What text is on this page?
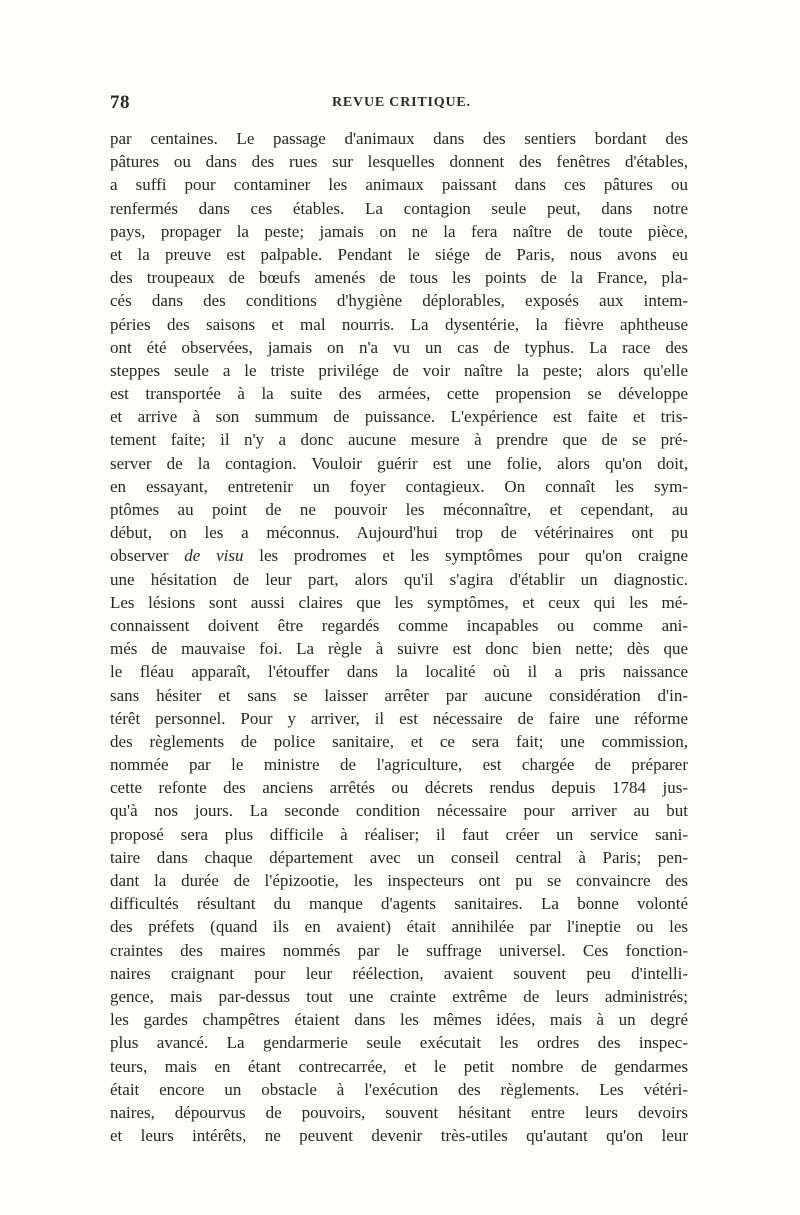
78	REVUE CRITIQUE.
par centaines. Le passage d'animaux dans des sentiers bordant des
pâtures ou dans des rues sur lesquelles donnent des fenêtres d'étables,
a suffi pour contaminer les animaux paissant dans ces pâtures ou
renfermés dans ces étables. La contagion seule peut, dans notre
pays, propager la peste; jamais on ne la fera naître de toute pièce,
et la preuve est palpable. Pendant le siége de Paris, nous avons eu
des troupeaux de bœufs amenés de tous les points de la France, pla-
cés dans des conditions d'hygiène déplorables, exposés aux intem-
péries des saisons et mal nourris. La dysentérie, la fièvre aphtheuse
ont été observées, jamais on n'a vu un cas de typhus. La race des
steppes seule a le triste privilége de voir naître la peste; alors qu'elle
est transportée à la suite des armées, cette propension se développe
et arrive à son summum de puissance. L'expérience est faite et tris-
tement faite; il n'y a donc aucune mesure à prendre que de se pré-
server de la contagion. Vouloir guérir est une folie, alors qu'on doit,
en essayant, entretenir un foyer contagieux. On connaît les sym-
ptômes au point de ne pouvoir les méconnaître, et cependant, au
début, on les a méconnus. Aujourd'hui trop de vétérinaires ont pu
observer de visu les prodromes et les symptômes pour qu'on craigne
une hésitation de leur part, alors qu'il s'agira d'établir un diagnostic.
Les lésions sont aussi claires que les symptômes, et ceux qui les mé-
connaissent doivent être regardés comme incapables ou comme ani-
més de mauvaise foi. La règle à suivre est donc bien nette; dès que
le fléau apparaît, l'étouffer dans la localité où il a pris naissance
sans hésiter et sans se laisser arrêter par aucune considération d'in-
térêt personnel. Pour y arriver, il est nécessaire de faire une réforme
des règlements de police sanitaire, et ce sera fait; une commission,
nommée par le ministre de l'agriculture, est chargée de préparer
cette refonte des anciens arrêtés ou décrets rendus depuis 1784 jus-
qu'à nos jours. La seconde condition nécessaire pour arriver au but
proposé sera plus difficile à réaliser; il faut créer un service sani-
taire dans chaque département avec un conseil central à Paris; pen-
dant la durée de l'épizootie, les inspecteurs ont pu se convaincre des
difficultés résultant du manque d'agents sanitaires. La bonne volonté
des préfets (quand ils en avaient) était annihilée par l'ineptie ou les
craintes des maires nommés par le suffrage universel. Ces fonction-
naires craignant pour leur réélection, avaient souvent peu d'intelli-
gence, mais par-dessus tout une crainte extrême de leurs administrés;
les gardes champêtres étaient dans les mêmes idées, mais à un degré
plus avancé. La gendarmerie seule exécutait les ordres des inspec-
teurs, mais en étant contrecarrée, et le petit nombre de gendarmes
était encore un obstacle à l'exécution des règlements. Les vétéri-
naires, dépourvus de pouvoirs, souvent hésitant entre leurs devoirs
et leurs intérêts, ne peuvent devenir très-utiles qu'autant qu'on leur
